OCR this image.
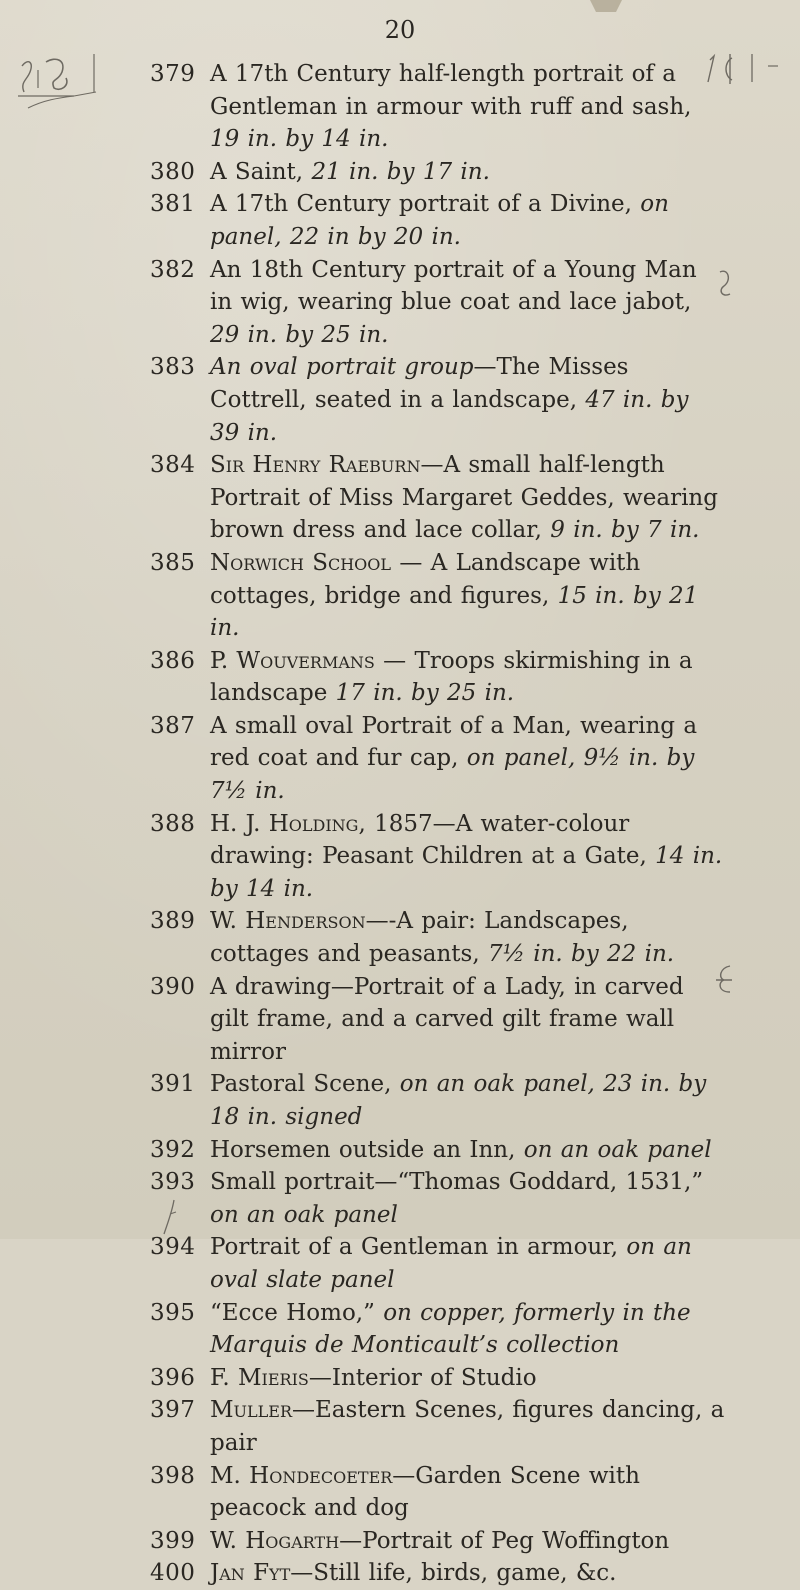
20
379 A 17th Century half-length portrait of a Gentleman in armour with ruff and sash, 19 in. by 14 in.
380 A Saint, 21 in. by 17 in.
381 A 17th Century portrait of a Divine, on panel, 22 in by 20 in.
382 An 18th Century portrait of a Young Man in wig, wearing blue coat and lace jabot, 29 in. by 25 in.
383 An oval portrait group—The Misses Cottrell, seated in a landscape, 47 in. by 39 in.
384 Sir Henry Raeburn—A small half-length Portrait of Miss Margaret Geddes, wearing brown dress and lace collar, 9 in. by 7 in.
385 Norwich School — A Landscape with cottages, bridge and figures, 15 in. by 21 in.
386 P. Wouvermans — Troops skirmishing in a landscape 17 in. by 25 in.
387 A small oval Portrait of a Man, wearing a red coat and fur cap, on panel, 9½ in. by 7½ in.
388 H. J. Holding, 1857—A water-colour drawing: Peasant Children at a Gate, 14 in. by 14 in.
389 W. Henderson—-A pair: Landscapes, cottages and peasants, 7½ in. by 22 in.
390 A drawing—Portrait of a Lady, in carved gilt frame, and a carved gilt frame wall mirror
391 Pastoral Scene, on an oak panel, 23 in. by 18 in. signed
392 Horsemen outside an Inn, on an oak panel
393 Small portrait—“Thomas Goddard, 1531,” on an oak panel
394 Portrait of a Gentleman in armour, on an oval slate panel
395 “Ecce Homo,” on copper, formerly in the Marquis de Monticault’s collection
396 F. Mieris—Interior of Studio
397 Muller—Eastern Scenes, figures dancing, a pair
398 M. Hondecoeter—Garden Scene with peacock and dog
399 W. Hogarth—Portrait of Peg Woffington
400 Jan Fyt—Still life, birds, game, &c.
